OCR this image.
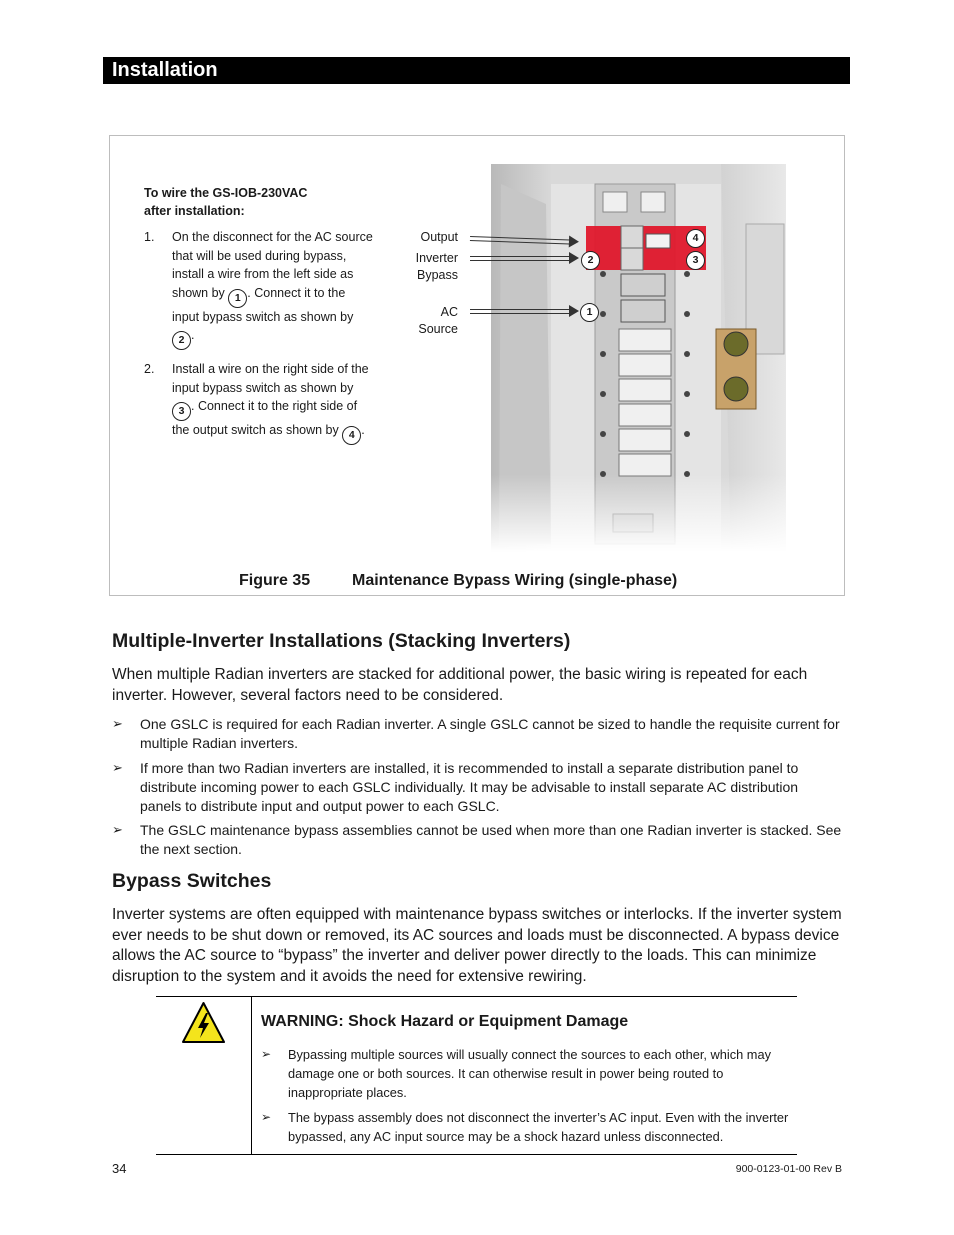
Installation
To wire the GS-IOB-230VAC
after installation:
1. On the disconnect for the AC source that will be used during bypass, install a wire from the left side as shown by 1 . Connect it to the input bypass switch as shown by 2 .
2. Install a wire on the right side of the input bypass switch as shown by 3 . Connect it to the right side of the output switch as shown by 4 .
Output
Inverter
Bypass
AC
Source
4
2	3
1
Figure 35	Maintenance Bypass Wiring (single-phase)
Multiple-Inverter Installations (Stacking Inverters)

When multiple Radian inverters are stacked for additional power, the basic wiring is repeated for each inverter. However, several factors need to be considered.

➢ One GSLC is required for each Radian inverter. A single GSLC cannot be sized to handle the requisite current for multiple Radian inverters.
➢ If more than two Radian inverters are installed, it is recommended to install a separate distribution panel to distribute incoming power to each GSLC individually. It may be advisable to install separate AC distribution panels to distribute input and output power to each GSLC.
➢ The GSLC maintenance bypass assemblies cannot be used when more than one Radian inverter is stacked. See the next section.
Bypass Switches

Inverter systems are often equipped with maintenance bypass switches or interlocks. If the inverter system ever needs to be shut down or removed, its AC sources and loads must be disconnected. A bypass device allows the AC source to “bypass” the inverter and deliver power directly to the loads. This can minimize disruption to the system and it avoids the need for extensive rewiring.

WARNING: Shock Hazard or Equipment Damage
➢ Bypassing multiple sources will usually connect the sources to each other, which may damage one or both sources. It can otherwise result in power being routed to inappropriate places.
➢ The bypass assembly does not disconnect the inverter’s AC input. Even with the inverter bypassed, any AC input source may be a shock hazard unless disconnected.
34	900-0123-01-00 Rev B
